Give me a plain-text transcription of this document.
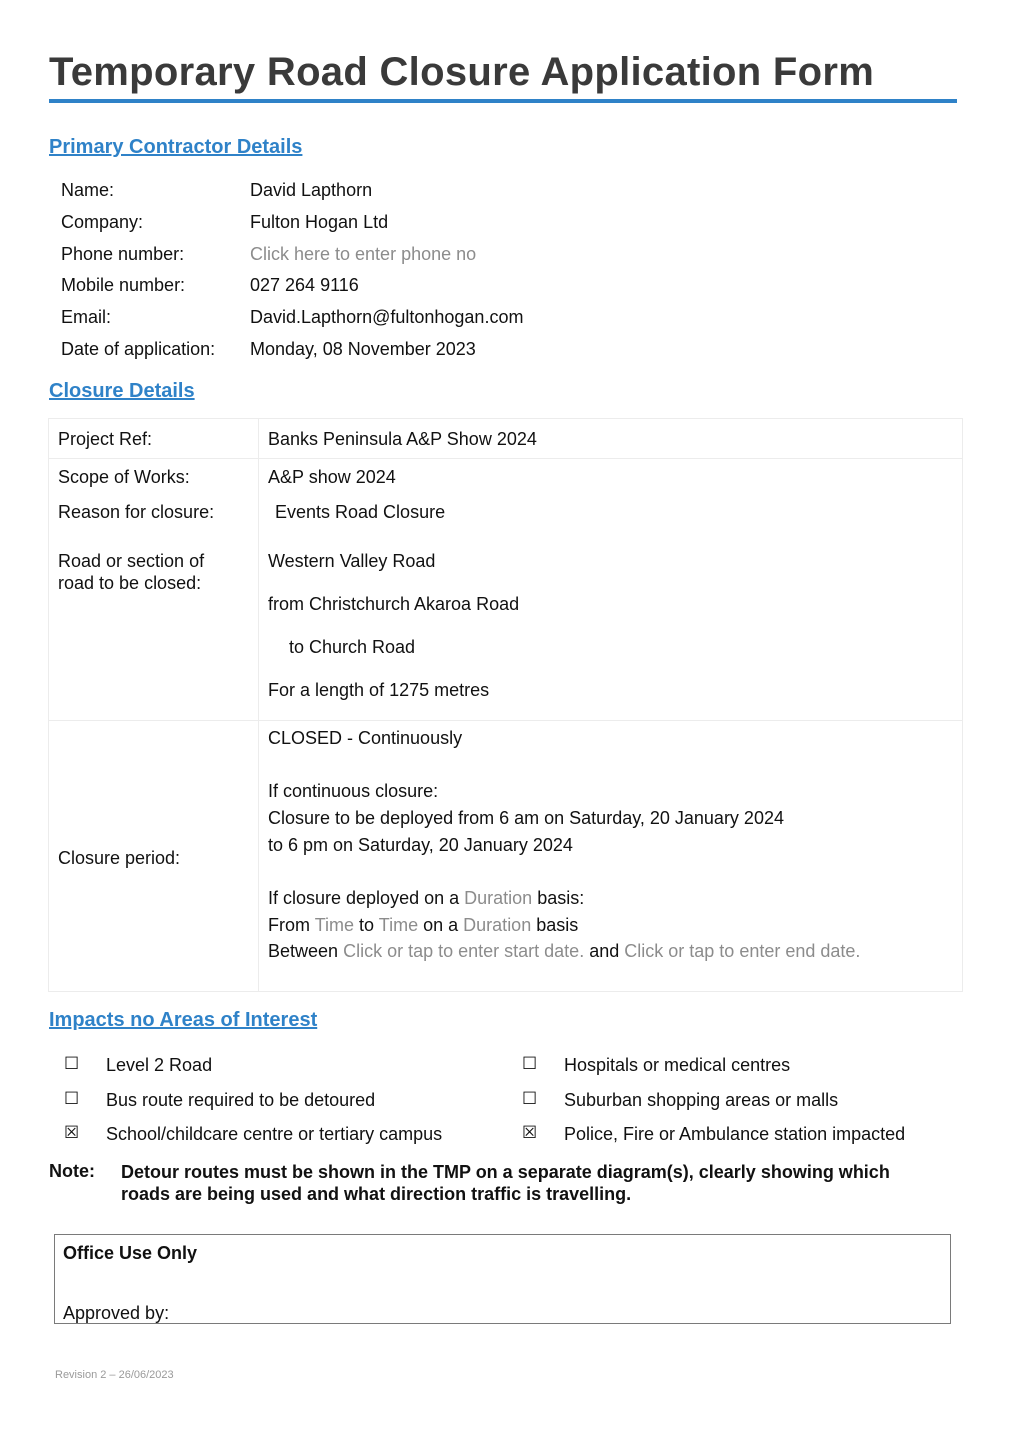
Temporary Road Closure Application Form
Primary Contractor Details
Name:	David Lapthorn
Company:	Fulton Hogan Ltd
Phone number:	Click here to enter phone no
Mobile number:	027 264 9116
Email:	David.Lapthorn@fultonhogan.com
Date of application: Monday, 08 November 2023
Closure Details
Project Ref:	Banks Peninsula A&P Show 2024
Scope of Works:	A&P show 2024
Reason for closure:	Events Road Closure
Road or section of
road to be closed:
Western Valley Road
from Christchurch Akaroa Road
to Church Road
For a length of 1275 metres
Closure period:
CLOSED - Continuously
If continuous closure:
Closure to be deployed from 6 am on Saturday, 20 January 2024
to 6 pm on Saturday, 20 January 2024
If closure deployed on a Duration basis:
From Time to Time on a Duration basis
Between Click or tap to enter start date. and Click or tap to enter end date.
Impacts no Areas of Interest
☐ Level 2 Road
☐ Bus route required to be detoured
☒ School/childcare centre or tertiary campus
☐ Hospitals or medical centres
☐ Suburban shopping areas or malls
☒ Police, Fire or Ambulance station impacted
Note: Detour routes must be shown in the TMP on a separate diagram(s), clearly showing which roads are being used and what direction traffic is travelling.
Office Use Only
Approved by:
Revision 2 – 26/06/2023
